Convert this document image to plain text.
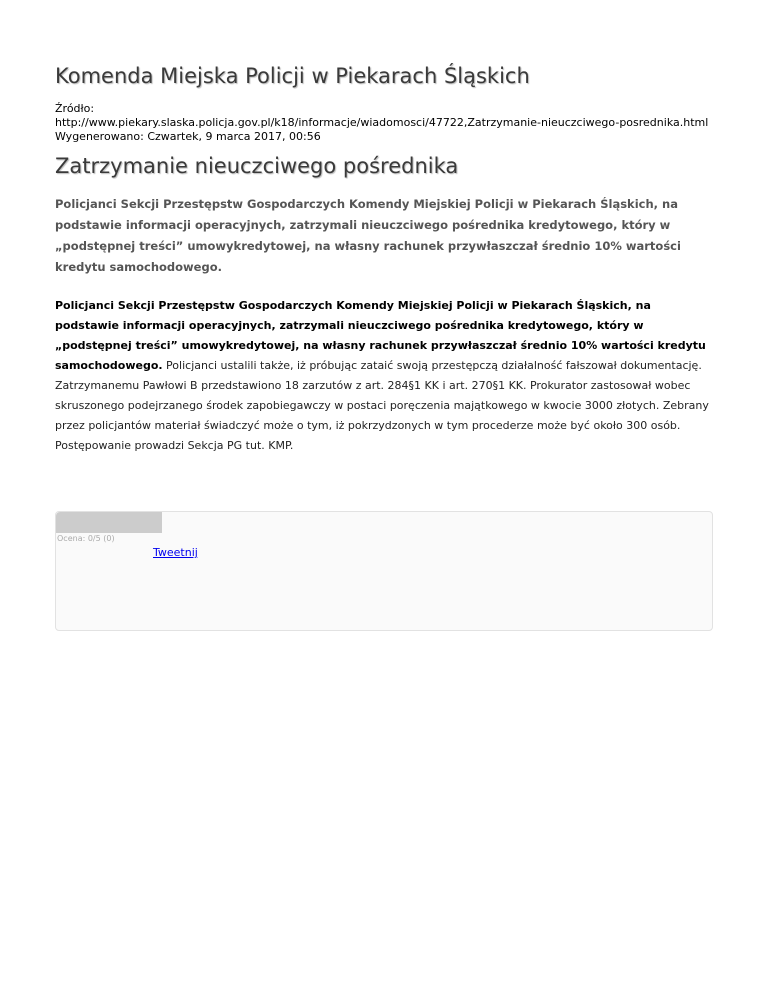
Komenda Miejska Policji w Piekarach Śląskich
Źródło:
http://www.piekary.slaska.policja.gov.pl/k18/informacje/wiadomosci/47722,Zatrzymanie-nieuczciwego-posrednika.html
Wygenerowano: Czwartek, 9 marca 2017, 00:56
Zatrzymanie nieuczciwego pośrednika

Policjanci Sekcji Przestępstw Gospodarczych Komendy Miejskiej Policji w Piekarach Śląskich, na podstawie informacji operacyjnych, zatrzymali nieuczciwego pośrednika kredytowego, który w „podstępnej treści” umowykredytowej, na własny rachunek przywłaszczał średnio 10% wartości kredytu samochodowego.

Policjanci Sekcji Przestępstw Gospodarczych Komendy Miejskiej Policji w Piekarach Śląskich, na podstawie informacji operacyjnych, zatrzymali nieuczciwego pośrednika kredytowego, który w „podstępnej treści” umowykredytowej, na własny rachunek przywłaszczał średnio 10% wartości kredytu samochodowego. Policjanci ustalili także, iż próbując zataić swoją przestępczą działalność fałszował dokumentację. Zatrzymanemu Pawłowi B przedstawiono 18 zarzutów z art. 284§1 KK i art. 270§1 KK. Prokurator zastosował wobec skruszonego podejrzanego środek zapobiegawczy w postaci poręczenia majątkowego w kwocie 3000 złotych. Zebrany przez policjantów materiał świadczyć może o tym, iż pokrzydzonych w tym procederze może być około 300 osób. Postępowanie prowadzi Sekcja PG tut. KMP.

Ocena: 0/5 (0)
Tweetnij
